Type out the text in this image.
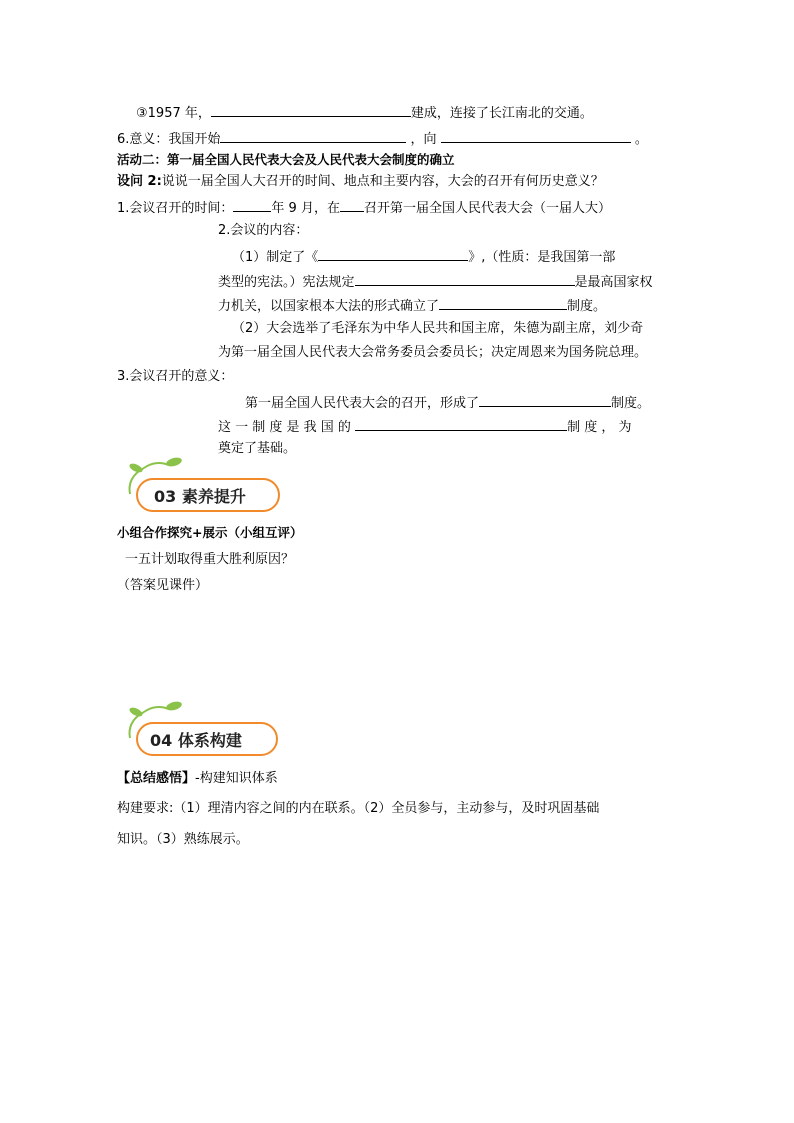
③1957 年，	建成，连接了长江南北的交通。
6.意义：我国开始	，向	。
活动二：第一届全国人民代表大会及人民代表大会制度的确立
设问 2:说说一届全国人大召开的时间、地点和主要内容，大会的召开有何历史意义？
1.会议召开的时间：	年 9 月，在 召开第一届全国人民代表大会（一届人大）
2.会议的内容：
（1）制定了《	》,（性质：是我国第一部
类型的宪法。）宪法规定	是最高国家权
力机关，以国家根本大法的形式确立了	制度。
（2）大会选举了毛泽东为中华人民共和国主席，朱德为副主席，刘少奇
为第一届全国人民代表大会常务委员会委员长；决定周恩来为国务院总理。
3.会议召开的意义：
第一届全国人民代表大会的召开，形成了	制度。
这 一 制 度 是 我 国 的	制 度 ， 为
奠定了基础。
03 素养提升
小组合作探究+展示（小组互评）
一五计划取得重大胜利原因？
（答案见课件）
04 体系构建
【总结感悟】-构建知识体系
构建要求:（1）理清内容之间的内在联系。（2）全员参与，主动参与，及时巩固基础
知识。（3）熟练展示。
